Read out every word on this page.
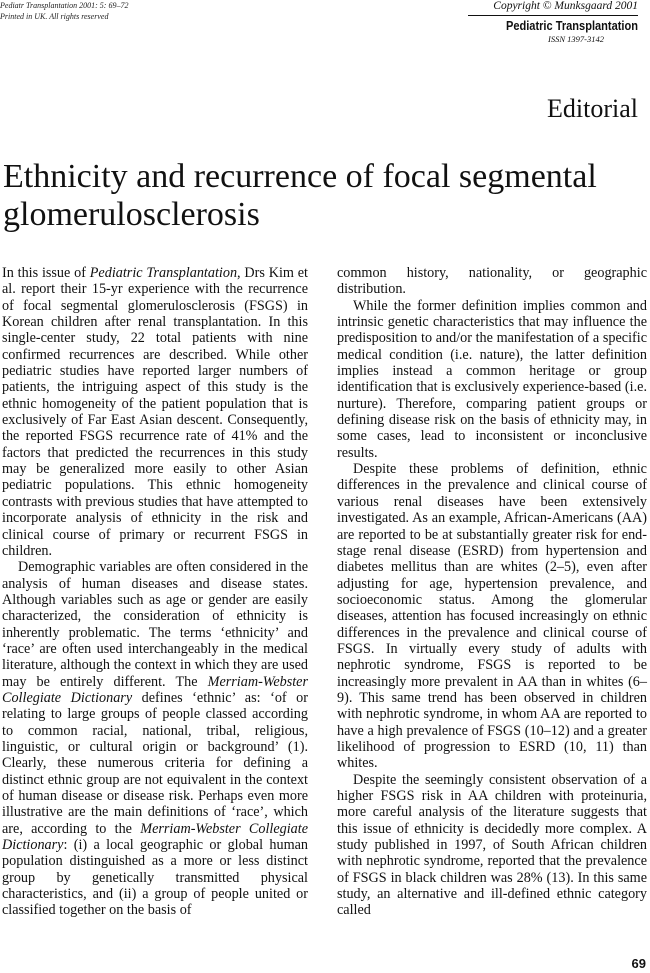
Pediatr Transplantation 2001: 5: 69–72
Printed in UK. All rights reserved
Copyright © Munksgaard 2001
Pediatric Transplantation
ISSN 1397-3142
Editorial
Ethnicity and recurrence of focal segmental glomerulosclerosis

In this issue of Pediatric Transplantation, Drs Kim et al. report their 15-yr experience with the recurrence of focal segmental glomerulosclerosis (FSGS) in Korean children after renal transplantation. In this single-center study, 22 total patients with nine confirmed recurrences are described. While other pediatric studies have reported larger numbers of patients, the intriguing aspect of this study is the ethnic homogeneity of the patient population that is exclusively of Far East Asian descent. Consequently, the reported FSGS recurrence rate of 41% and the factors that predicted the recurrences in this study may be generalized more easily to other Asian pediatric populations. This ethnic homogeneity contrasts with previous studies that have attempted to incorporate analysis of ethnicity in the risk and clinical course of primary or recurrent FSGS in children.

Demographic variables are often considered in the analysis of human diseases and disease states. Although variables such as age or gender are easily characterized, the consideration of ethnicity is inherently problematic. The terms ‘ethnicity’ and ‘race’ are often used interchangeably in the medical literature, although the context in which they are used may be entirely different. The Merriam-Webster Collegiate Dictionary defines ‘ethnic’ as: ‘of or relating to large groups of people classed according to common racial, national, tribal, religious, linguistic, or cultural origin or background’ (1). Clearly, these numerous criteria for defining a distinct ethnic group are not equivalent in the context of human disease or disease risk. Perhaps even more illustrative are the main definitions of ‘race’, which are, according to the Merriam-Webster Collegiate Dictionary: (i) a local geographic or global human population distinguished as a more or less distinct group by genetically transmitted physical characteristics, and (ii) a group of people united or classified together on the basis of

common history, nationality, or geographic distribution.

While the former definition implies common and intrinsic genetic characteristics that may influence the predisposition to and/or the manifestation of a specific medical condition (i.e. nature), the latter definition implies instead a common heritage or group identification that is exclusively experience-based (i.e. nurture). Therefore, comparing patient groups or defining disease risk on the basis of ethnicity may, in some cases, lead to inconsistent or inconclusive results.

Despite these problems of definition, ethnic differences in the prevalence and clinical course of various renal diseases have been extensively investigated. As an example, African-Americans (AA) are reported to be at substantially greater risk for end-stage renal disease (ESRD) from hypertension and diabetes mellitus than are whites (2–5), even after adjusting for age, hypertension prevalence, and socioeconomic status. Among the glomerular diseases, attention has focused increasingly on ethnic differences in the prevalence and clinical course of FSGS. In virtually every study of adults with nephrotic syndrome, FSGS is reported to be increasingly more prevalent in AA than in whites (6–9). This same trend has been observed in children with nephrotic syndrome, in whom AA are reported to have a high prevalence of FSGS (10–12) and a greater likelihood of progression to ESRD (10, 11) than whites.

Despite the seemingly consistent observation of a higher FSGS risk in AA children with proteinuria, more careful analysis of the literature suggests that this issue of ethnicity is decidedly more complex. A study published in 1997, of South African children with nephrotic syndrome, reported that the prevalence of FSGS in black children was 28% (13). In this same study, an alternative and ill-defined ethnic category called

69
